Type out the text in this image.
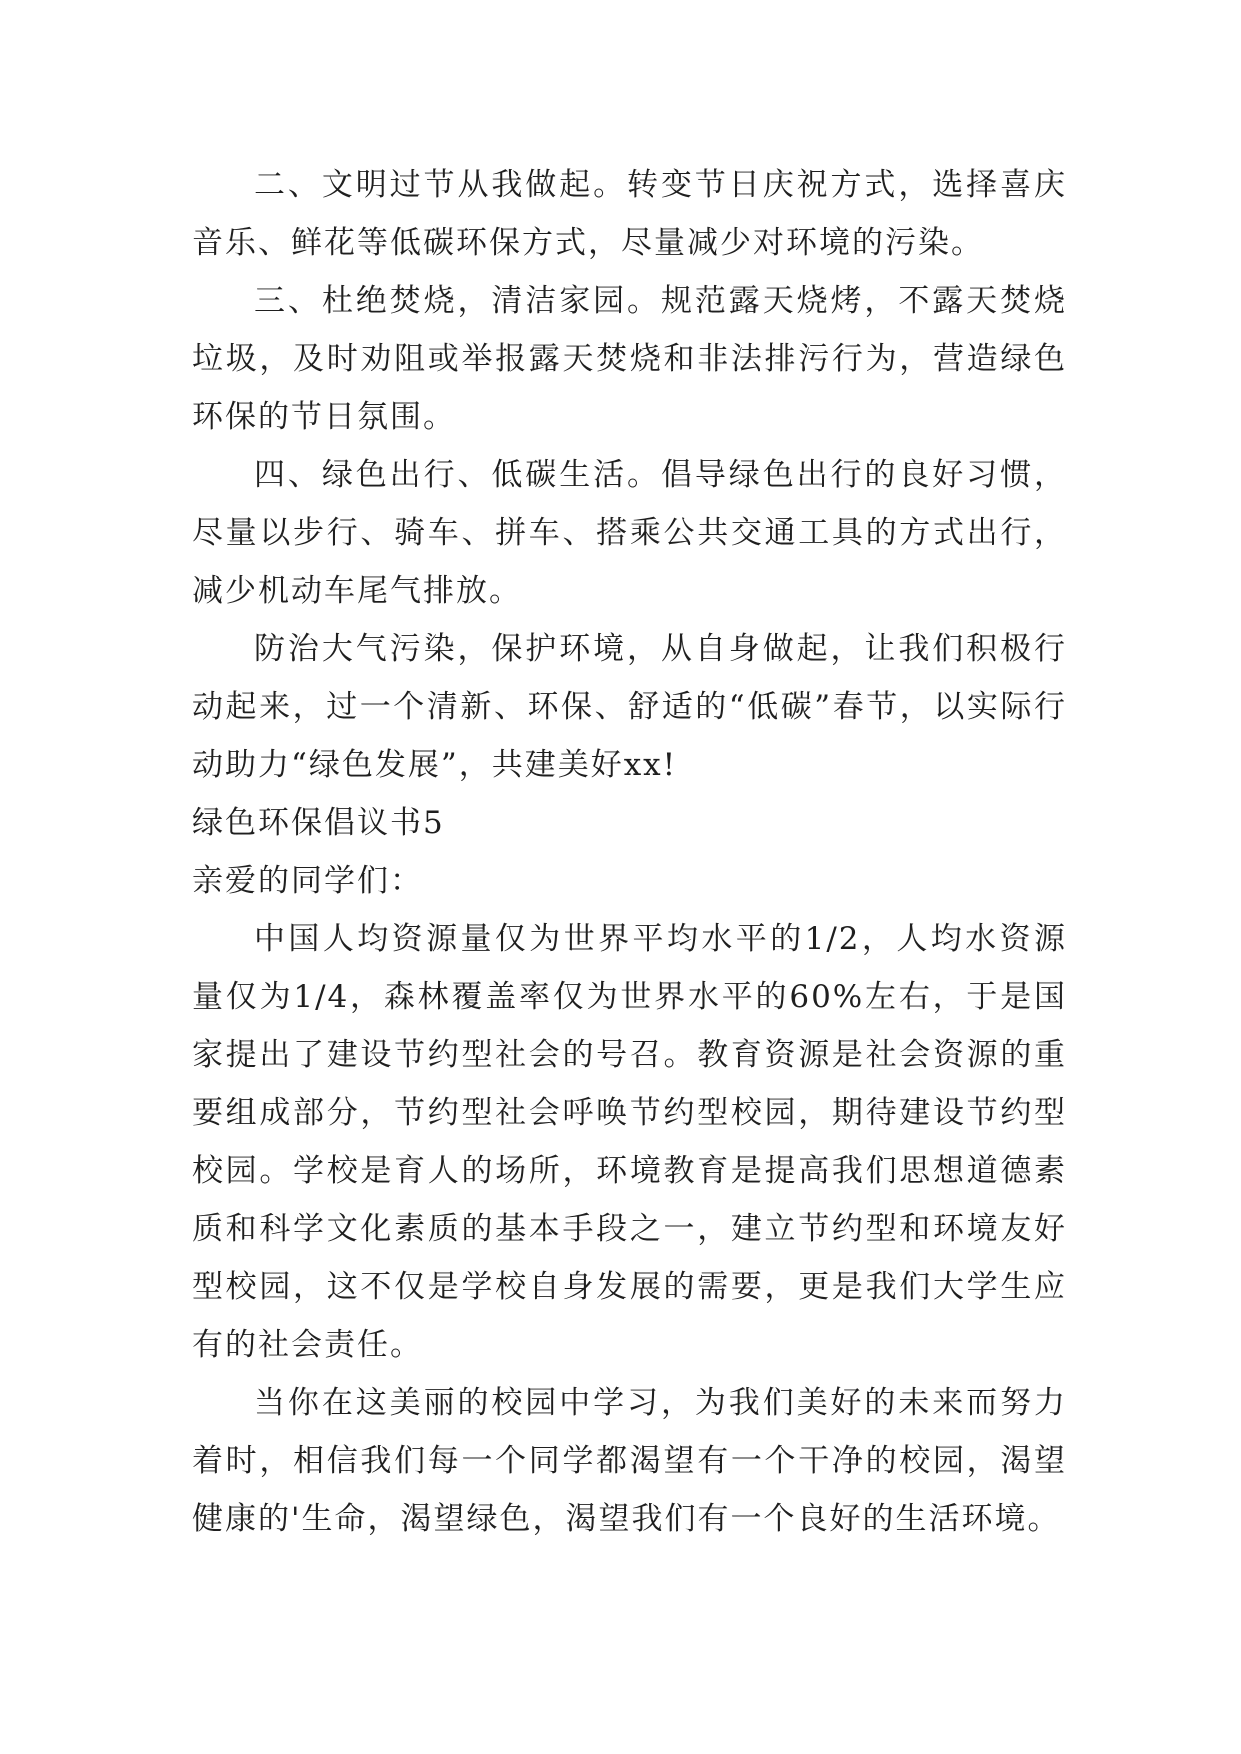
二、文明过节从我做起。转变节日庆祝方式，选择喜庆音乐、鲜花等低碳环保方式，尽量减少对环境的污染。

三、杜绝焚烧，清洁家园。规范露天烧烤，不露天焚烧垃圾，及时劝阻或举报露天焚烧和非法排污行为，营造绿色环保的节日氛围。

四、绿色出行、低碳生活。倡导绿色出行的良好习惯，尽量以步行、骑车、拼车、搭乘公共交通工具的方式出行，减少机动车尾气排放。

防治大气污染，保护环境，从自身做起，让我们积极行动起来，过一个清新、环保、舒适的“低碳”春节，以实际行动助力“绿色发展”，共建美好xx!

绿色环保倡议书5

亲爱的同学们：

中国人均资源量仅为世界平均水平的1/2，人均水资源量仅为1/4，森林覆盖率仅为世界水平的60%左右，于是国家提出了建设节约型社会的号召。教育资源是社会资源的重要组成部分，节约型社会呼唤节约型校园，期待建设节约型校园。学校是育人的场所，环境教育是提高我们思想道德素质和科学文化素质的基本手段之一，建立节约型和环境友好型校园，这不仅是学校自身发展的需要，更是我们大学生应有的社会责任。

当你在这美丽的校园中学习，为我们美好的未来而努力着时，相信我们每一个同学都渴望有一个干净的校园，渴望健康的'生命，渴望绿色，渴望我们有一个良好的生活环境。
